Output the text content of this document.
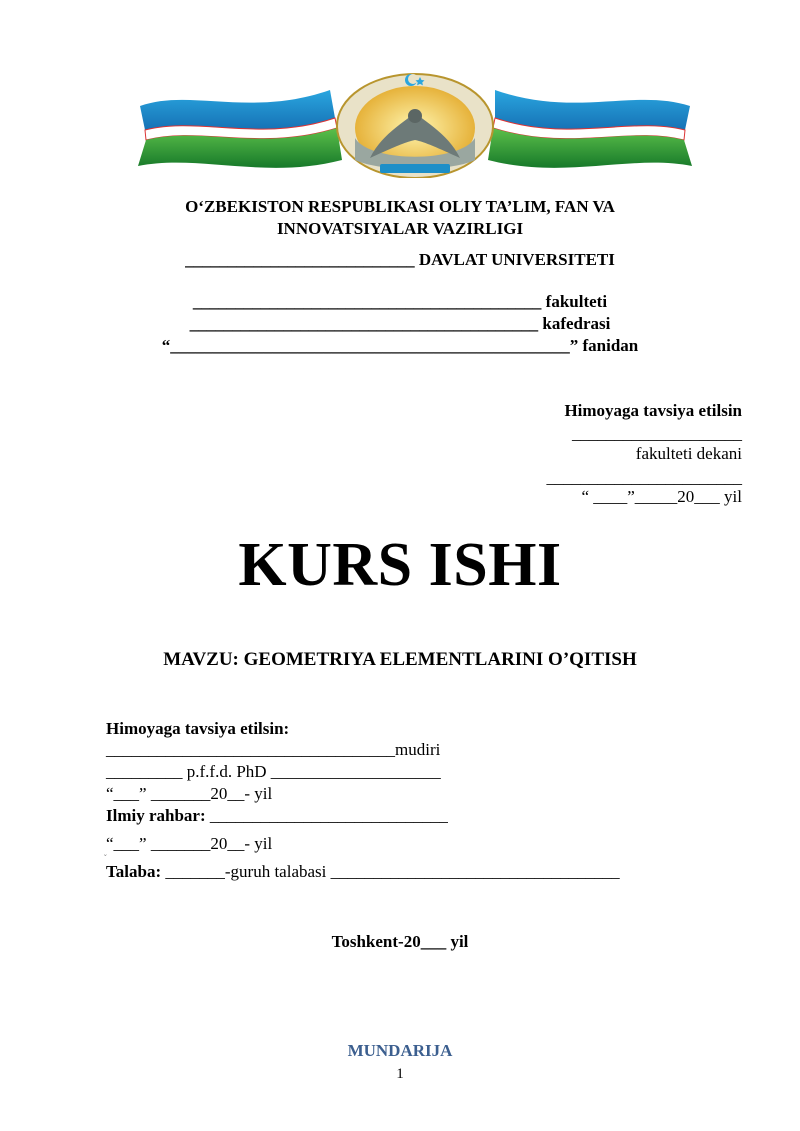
O‘ZBEKISTON RESPUBLIKASI OLIY TA’LIM, FAN VA
INNOVATSIYALAR VAZIRLIGI
___________________________ DAVLAT UNIVERSITETI
_________________________________________ fakulteti
_________________________________________ kafedrasi
“_______________________________________________” fanidan
Himoyaga tavsiya etilsin
____________________
fakulteti dekani
_______________________
“ ____”_____20___ yil
KURS ISHI
MAVZU: GEOMETRIYA ELEMENTLARINI O’QITISH
Himoyaga tavsiya etilsin:
__________________________________mudiri
_________ p.f.f.d. PhD ____________________
“___” _______20__- yil
Ilmiy rahbar: ____________________________
“___” _______20__- yil
˘
Talaba: _______-guruh talabasi __________________________________
Toshkent-20___ yil
MUNDARIJA
1
